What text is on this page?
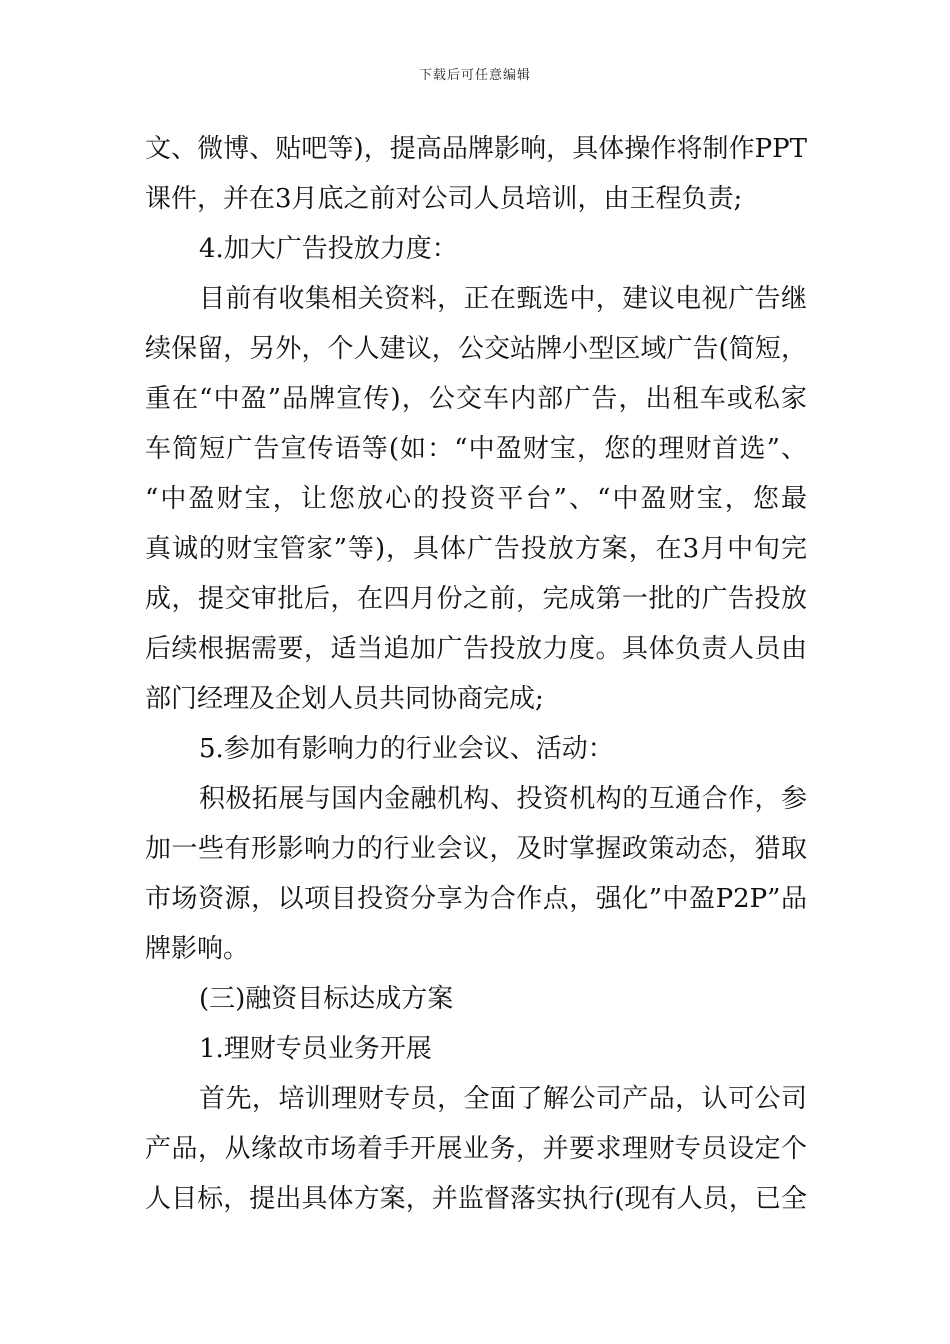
下载后可任意编辑
文、微博、贴吧等)，提高品牌影响，具体操作将制作PPT
课件，并在3月底之前对公司人员培训，由王程负责;
4.加大广告投放力度：
目前有收集相关资料，正在甄选中，建议电视广告继
续保留，另外，个人建议，公交站牌小型区域广告(简短，
重在“中盈”品牌宣传)，公交车内部广告，出租车或私家
车简短广告宣传语等(如：“中盈财宝，您的理财首选”、
“中盈财宝，让您放心的投资平台”、“中盈财宝，您最
真诚的财宝管家”等)，具体广告投放方案，在3月中旬完
成，提交审批后，在四月份之前，完成第一批的广告投放
后续根据需要，适当追加广告投放力度。具体负责人员由
部门经理及企划人员共同协商完成;
5.参加有影响力的行业会议、活动：
积极拓展与国内金融机构、投资机构的互通合作，参
加一些有形影响力的行业会议，及时掌握政策动态，猎取
市场资源，以项目投资分享为合作点，强化”中盈P2P”品
牌影响。
(三)融资目标达成方案
1.理财专员业务开展
首先，培训理财专员，全面了解公司产品，认可公司
产品，从缘故市场着手开展业务，并要求理财专员设定个
人目标，提出具体方案，并监督落实执行(现有人员，已全
